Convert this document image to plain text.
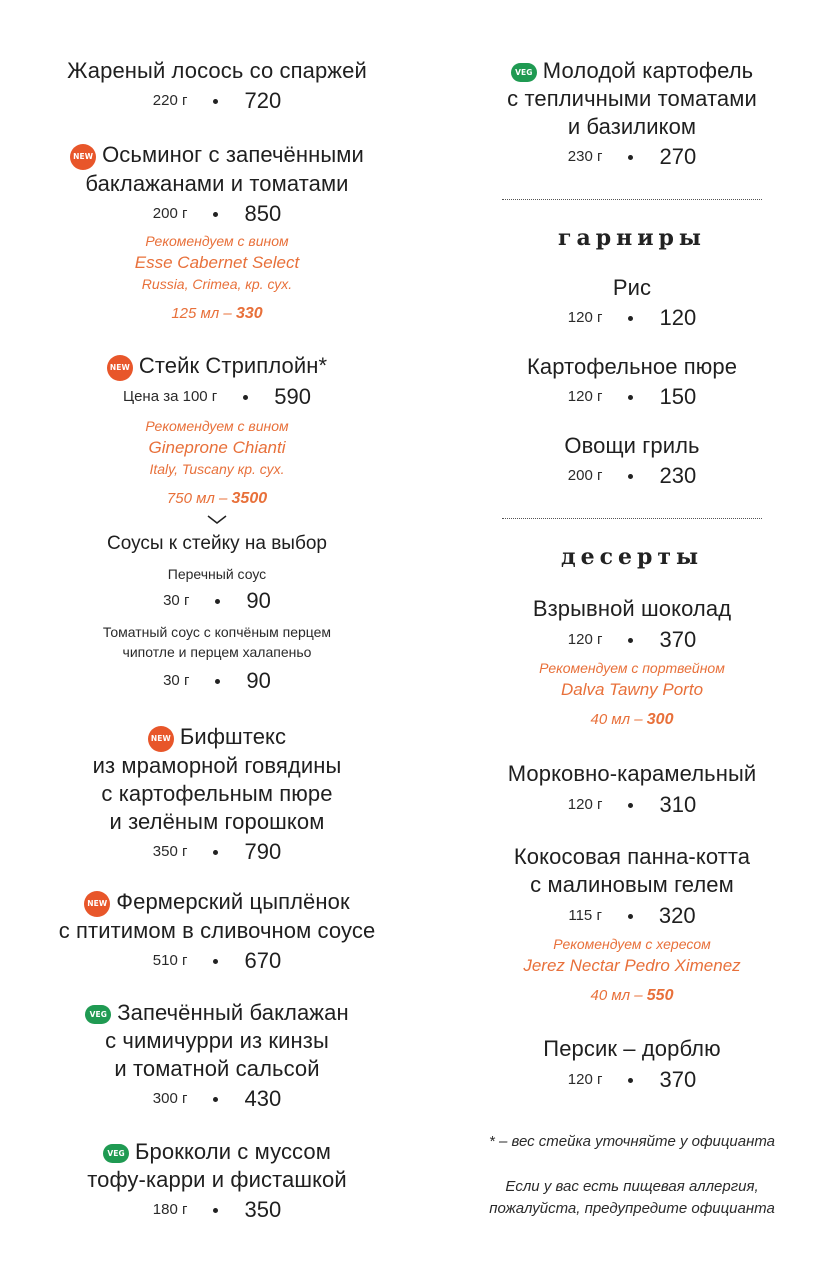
Жареный лосось со спаржей
220 г	720
NEW Осьминог с запечёнными
баклажанами и томатами
200 г	850
Рекомендуем с вином
Esse Cabernet Select
Russia, Crimea, кр. сух.
125 мл – 330
NEW Стейк Стриплойн*
Цена за 100 г	590
Рекомендуем с вином
Ginepronе Chianti
Italy, Tuscany кр. сух.
750 мл – 3500
Соусы к стейку на выбор
Перечный соус
30 г	90
Томатный соус с копчёным перцем
чипотле и перцем халапеньо
30 г	90
NEW Бифштекс
из мраморной говядины
с картофельным пюре
и зелёным горошком
350 г	790
NEW Фермерский цыплёнок
с птитимом в сливочном соусе
510 г	670
VEG Запечённый баклажан
с чимичурри из кинзы
и томатной сальсой
300 г	430
VEG Брокколи с муссом
тофу-карри и фисташкой
180 г	350
VEG Молодой картофель
с тепличными томатами
и базиликом
230 г	270
гарниры
Рис
120 г	120
Картофельное пюре
120 г	150
Овощи гриль
200 г	230
десерты
Взрывной шоколад
120 г	370
Рекомендуем с портвейном
Dalva Tawny Porto
40 мл – 300
Морковно-карамельный
120 г	310
Кокосовая панна-котта
с малиновым гелем
115 г	320
Рекомендуем с хересом
Jerez Nectar Pedro Ximenez
40 мл – 550
Персик – дорблю
120 г	370
* – вес стейка уточняйте у официанта
Если у вас есть пищевая аллергия,
пожалуйста, предупредите официанта
